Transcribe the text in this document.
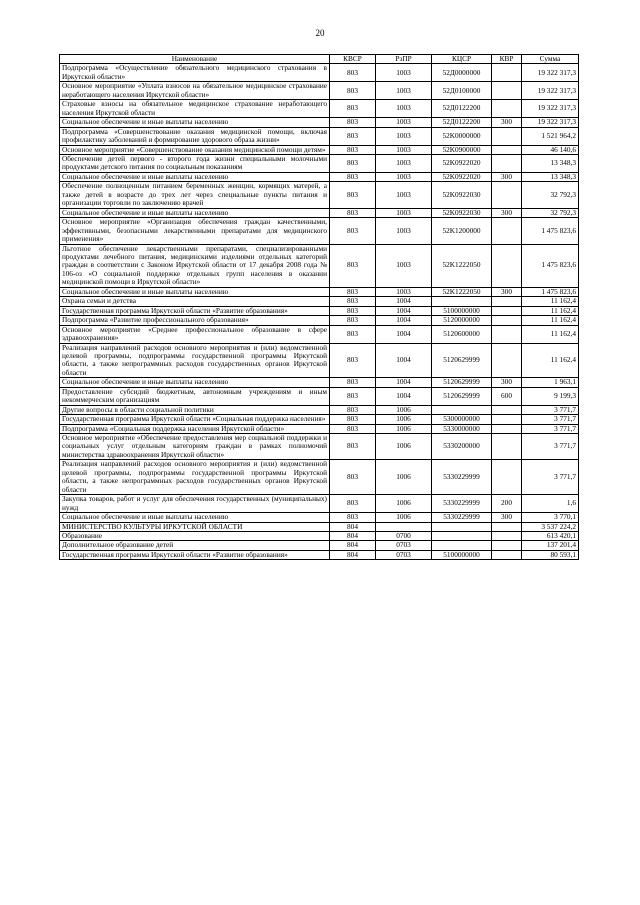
20
Наименование	КВСР	РзПР	КЦСР	КВР	Сумма
Подпрограмма «Осуществление обязательного медицинского страхования в Иркутской области»	803	1003	52Д0000000		19 322 317,3
Основное мероприятие «Уплата взносов на обязательное медицинское страхование неработающего населения Иркутской области»	803	1003	52Д0100000		19 322 317,3
Страховые взносы на обязательное медицинское страхование неработающего населения Иркутской области	803	1003	52Д0122200		19 322 317,3
Социальное обеспечение и иные выплаты населению	803	1003	52Д0122200	300	19 322 317,3
Подпрограмма «Совершенствование оказания медицинской помощи, включая профилактику заболеваний и формирование здорового образа жизни»	803	1003	52K0000000		1 521 964,2
Основное мероприятие «Совершенствование оказания медицинской помощи детям»	803	1003	52K0900000		46 140,6
Обеспечение детей первого - второго года жизни специальными молочными продуктами детского питания по социальным показаниям	803	1003	52K0922020		13 348,3
Социальное обеспечение и иные выплаты населению	803	1003	52K0922020	300	13 348,3
Обеспечение полноценным питанием беременных женщин, кормящих матерей, а также детей в возрасте до трех лет через специальные пункты питания и организации торговли по заключению врачей	803	1003	52K0922030		32 792,3
Социальное обеспечение и иные выплаты населению	803	1003	52K0922030	300	32 792,3
Основное мероприятие «Организация обеспечения граждан качественными, эффективными, безопасными лекарственными препаратами для медицинского применения»	803	1003	52K1200000		1 475 823,6
Льготное обеспечение лекарственными препаратами, специализированными продуктами лечебного питания, медицинскими изделиями отдельных категорий граждан в соответствии с Законом Иркутской области от 17 декабря 2008 года № 106-оз «О социальной поддержке отдельных групп населения в оказании медицинской помощи в Иркутской области»	803	1003	52K1222050		1 475 823,6
Социальное обеспечение и иные выплаты населению	803	1003	52K1222050	300	1 475 823,6
Охрана семьи и детства	803	1004			11 162,4
Государственная программа Иркутской области «Развитие образования»	803	1004	5100000000		11 162,4
Подпрограмма «Развитие профессионального образования»	803	1004	5120000000		11 162,4
Основное мероприятие «Среднее профессиональное образование в сфере здравоохранения»	803	1004	5120600000		11 162,4
Реализация направлений расходов основного мероприятия и (или) ведомственной целевой программы, подпрограммы государственной программы Иркутской области, а также непрограммных расходов государственных органов Иркутской области	803	1004	5120629999		11 162,4
Социальное обеспечение и иные выплаты населению	803	1004	5120629999	300	1 963,1
Предоставление субсидий бюджетным, автономным учреждениям и иным некоммерческим организациям	803	1004	5120629999	600	9 199,3
Другие вопросы в области социальной политики	803	1006			3 771,7
Государственная программа Иркутской области «Социальная поддержка населения»	803	1006	5300000000		3 771,7
Подпрограмма «Социальная поддержка населения Иркутской области»	803	1006	5330000000		3 771,7
Основное мероприятие «Обеспечение предоставления мер социальной поддержки и социальных услуг отдельным категориям граждан в рамках полномочий министерства здравоохранения Иркутской области»	803	1006	5330200000		3 771,7
Реализация направлений расходов основного мероприятия и (или) ведомственной целевой программы, подпрограммы государственной программы Иркутской области, а также непрограммных расходов государственных органов Иркутской области	803	1006	5330229999		3 771,7
Закупка товаров, работ и услуг для обеспечения государственных (муниципальных) нужд	803	1006	5330229999	200	1,6
Социальное обеспечение и иные выплаты населению	803	1006	5330229999	300	3 770,1
МИНИСТЕРСТВО КУЛЬТУРЫ ИРКУТСКОЙ ОБЛАСТИ	804				3 537 224,2
Образование	804	0700			613 420,1
Дополнительное образование детей	804	0703			137 201,4
Государственная программа Иркутской области «Развитие образования»	804	0703	5100000000		80 593,1
